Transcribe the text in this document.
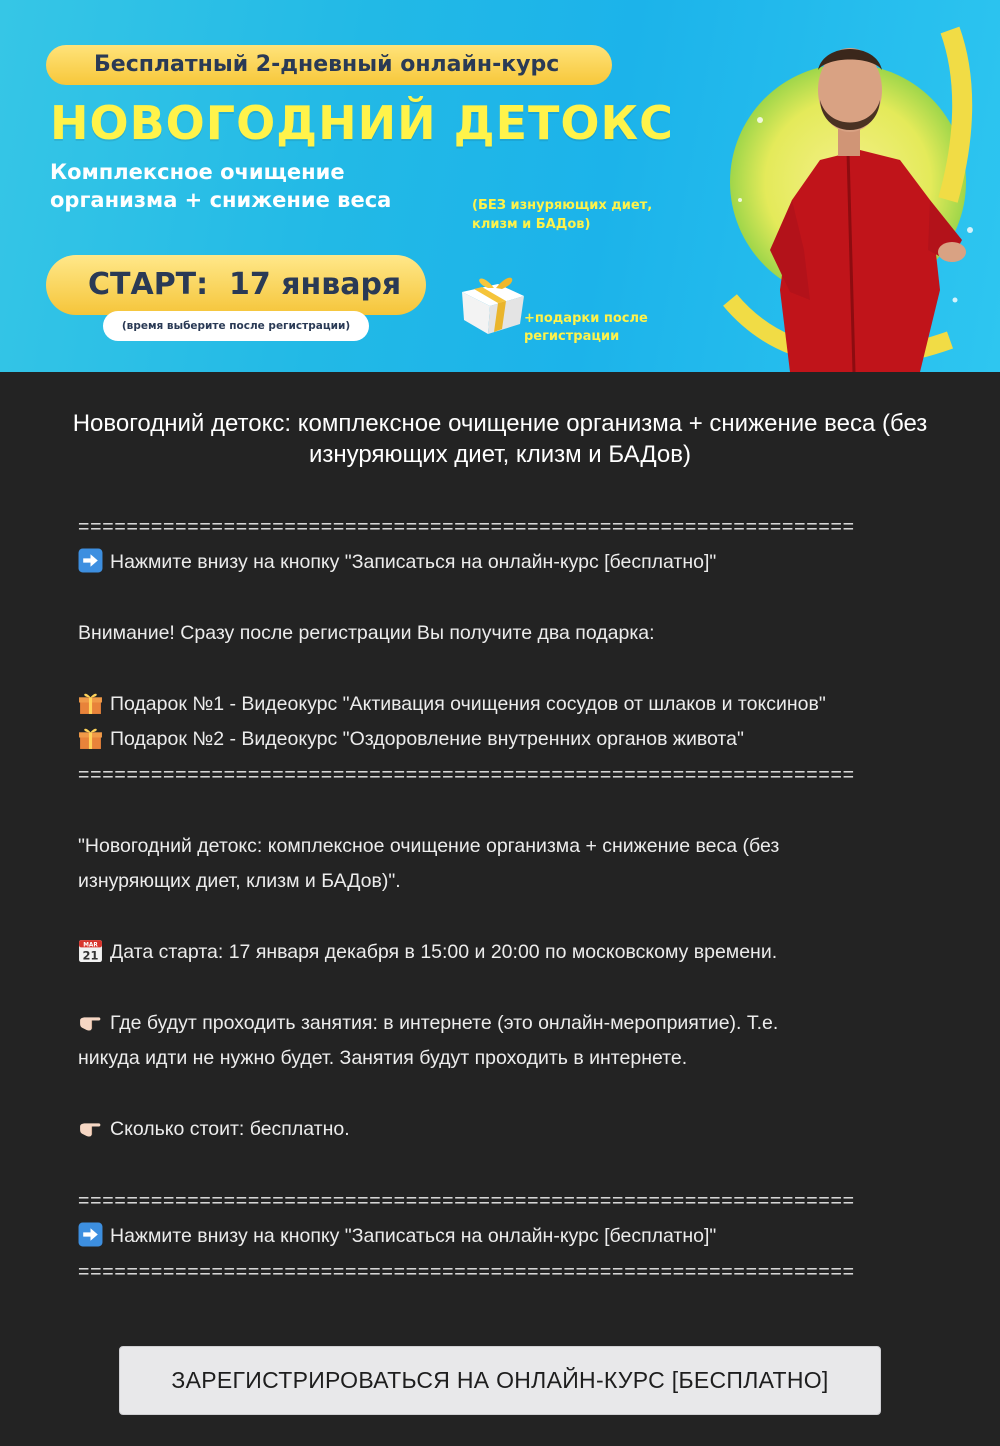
Бесплатный 2-дневный онлайн-курс
НОВОГОДНИЙ ДЕТОКС
Комплексное очищение
организма + снижение веса	(БЕЗ изнуряющих диет,
клизм и БАДов)
СТАРТ:  17 января
(время выберите после регистрации)	+подарки после
регистрации
Новогодний детокс: комплексное очищение организма + снижение веса (без
изнуряющих диет, клизм и БАДов)
================================================================
Нажмите внизу на кнопку "Записаться на онлайн-курс [бесплатно]"
Внимание! Сразу после регистрации Вы получите два подарка:
Подарок №1 - Видеокурс "Активация очищения сосудов от шлаков и токсинов"
Подарок №2 - Видеокурс "Оздоровление внутренних органов живота"
================================================================
"Новогодний детокс: комплексное очищение организма + снижение веса (без
изнуряющих диет, клизм и БАДов)".
MAR
21 Дата старта: 17 января декабря в 15:00 и 20:00 по московскому времени.
Где будут проходить занятия: в интернете (это онлайн-мероприятие). Т.е.
никуда идти не нужно будет. Занятия будут проходить в интернете.
Сколько стоит: бесплатно.
================================================================
Нажмите внизу на кнопку "Записаться на онлайн-курс [бесплатно]"
================================================================
ЗАРЕГИСТРИРОВАТЬСЯ НА ОНЛАЙН-КУРС [БЕСПЛАТНО]
